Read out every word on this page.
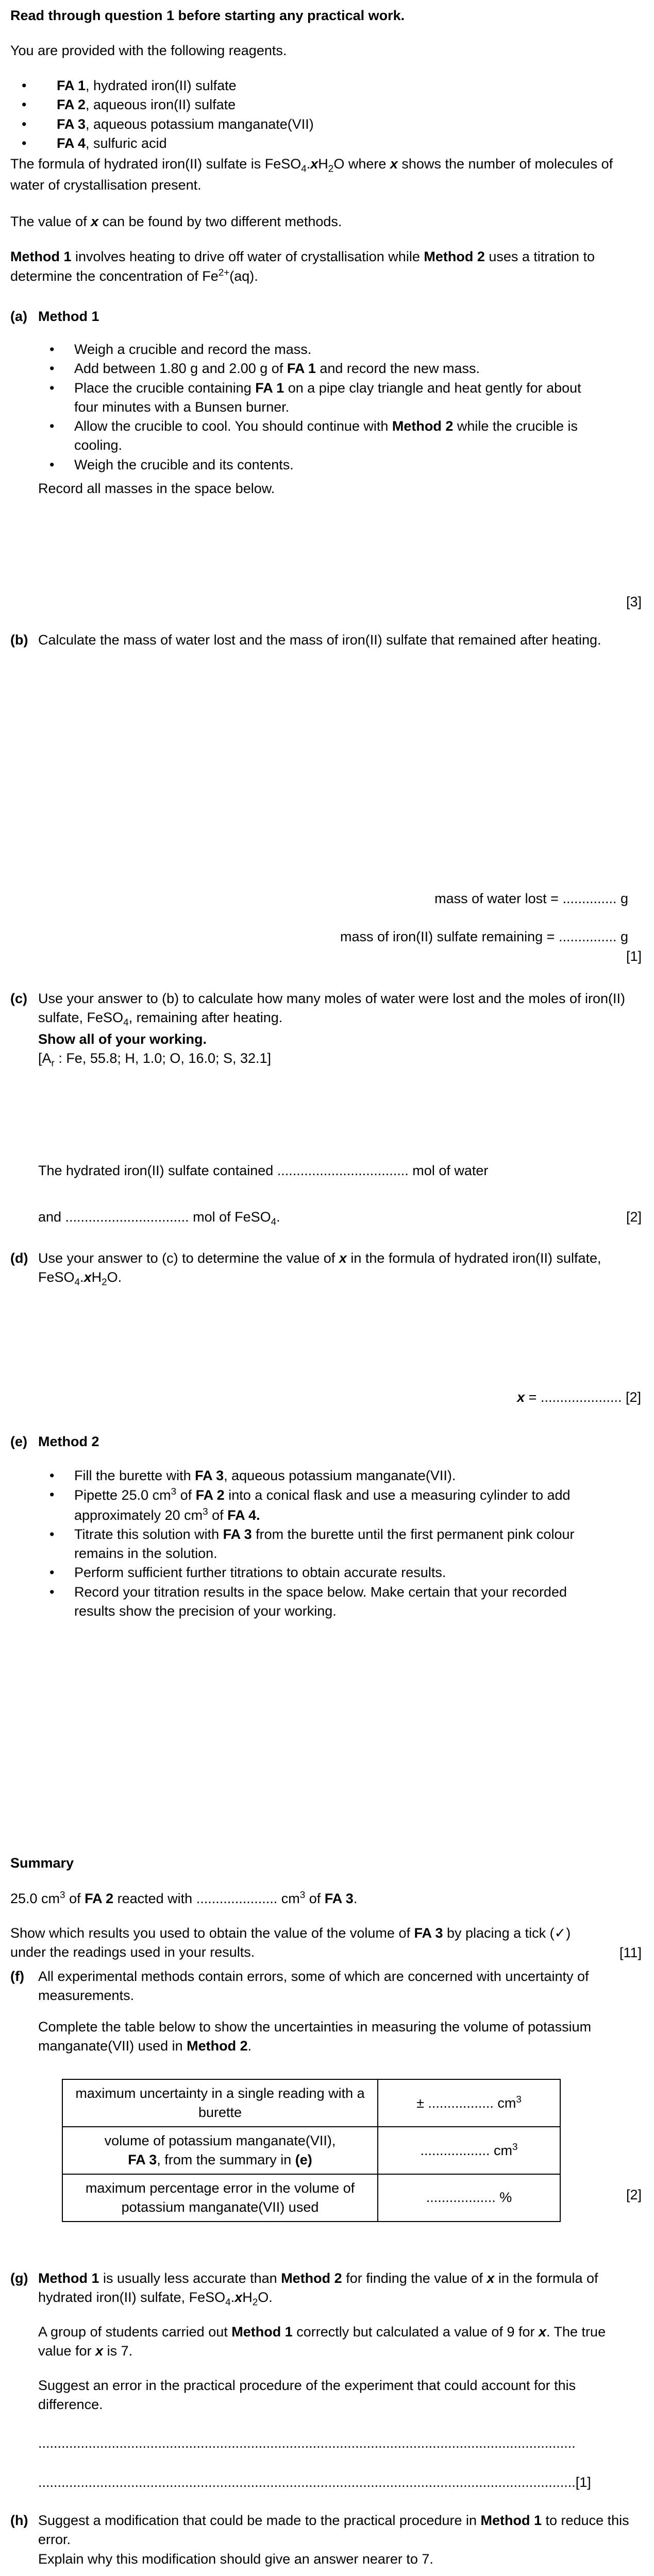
Read through question 1 before starting any practical work.

You are provided with the following reagents.

• FA 1, hydrated iron(II) sulfate
• FA 2, aqueous iron(II) sulfate
• FA 3, aqueous potassium manganate(VII)
• FA 4, sulfuric acid

The formula of hydrated iron(II) sulfate is $FeSO_4.xH_2O$ where x shows the number of molecules of water of crystallisation present.

The value of x can be found by two different methods.

Method 1 involves heating to drive off water of crystallisation while Method 2 uses a titration to determine the concentration of $Fe^{2+}(aq)$.

(a) Method 1
• Weigh a crucible and record the mass.
• Add between 1.80 g and 2.00 g of FA 1 and record the new mass.
• Place the crucible containing FA 1 on a pipe clay triangle and heat gently for about four minutes with a Bunsen burner.
• Allow the crucible to cool. You should continue with Method 2 while the crucible is cooling.
• Weigh the crucible and its contents.

Record all masses in the space below.

[3]
(b) Calculate the mass of water lost and the mass of iron(II) sulfate that remained after heating.

mass of water lost = .............. g

mass of iron(II) sulfate remaining = ............... g

[1]
(c) Use your answer to (b) to calculate how many moles of water were lost and the moles of iron(II) sulfate, FeSO$_4$, remaining after heating.
Show all of your working.
[$A_r$ : Fe, 55.8; H, 1.0; O, 16.0; S, 32.1]

The hydrated iron(II) sulfate contained .................................. mol of water

and ................................ mol of FeSO$_4$.	[2]
(d) Use your answer to (c) to determine the value of x in the formula of hydrated iron(II) sulfate, $FeSO_4.xH_2O$.

x = ..................... [2]

(e) Method 2
• Fill the burette with FA 3, aqueous potassium manganate(VII).
• Pipette 25.0 $cm^3$ of FA 2 into a conical flask and use a measuring cylinder to add approximately 20 $cm^3$ of FA 4.
• Titrate this solution with FA 3 from the burette until the first permanent pink colour remains in the solution.
• Perform sufficient further titrations to obtain accurate results.
• Record your titration results in the space below. Make certain that your recorded results show the precision of your working.

Summary

25.0 $cm^3$ of FA 2 reacted with ..................... $cm^3$ of FA 3.

Show which results you used to obtain the value of the volume of FA 3 by placing a tick (✓) under the readings used in your results.	[11]
(f) All experimental methods contain errors, some of which are concerned with uncertainty of measurements.

Complete the table below to show the uncertainties in measuring the volume of potassium manganate(VII) used in Method 2.

maximum uncertainty in a single reading with a burette	± ................. $cm^3$
volume of potassium manganate(VII),
FA 3, from the summary in (e)	.................. $cm^3$
maximum percentage error in the volume of potassium manganate(VII) used	.................. %	[2]
(g) Method 1 is usually less accurate than Method 2 for finding the value of x in the formula of hydrated iron(II) sulfate, $FeSO_4.xH_2O$.

A group of students carried out Method 1 correctly but calculated a value of 9 for x. The true value for x is 7.

Suggest an error in the practical procedure of the experiment that could account for this difference.

...........................................................................................................................................

...........................................................................................................................................[1]

(h) Suggest a modification that could be made to the practical procedure in Method 1 to reduce this error.
Explain why this modification should give an answer nearer to 7.
